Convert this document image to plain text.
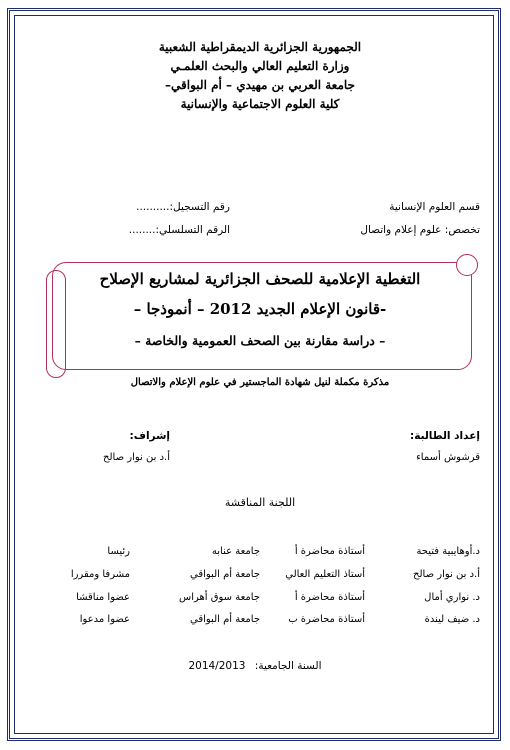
الجمهورية الجزائرية الديمقراطية الشعبية
وزارة التعليم العالي والبحث العلمـي
جامعة العربي بن مهيدي – أم البواقي–
كلية العلوم الاجتماعية والإنسانية
قسم العلوم الإنسانية
تخصص: علوم إعلام واتصال
رقم التسجيل:..........
الرقم التسلسلي:........
التغطية الإعلامية للصحف الجزائرية لمشاريع الإصلاح
-قانون الإعلام الجديد 2012 – أنموذجا –
– دراسة مقارنة بين الصحف العمومية والخاصة –
مذكرة مكملة لنيل شهادة الماجستير في علوم الإعلام والاتصال
إعداد الطالبة:
قرشوش أسماء
إشراف:
أ.د بن نوار صالح
اللجنة المناقشة
د.أوهايبية فتيحة
أستاذة محاضرة أ
جامعة عنابه
رئيسا
أ.د بن نوار صالح
أستاذ التعليم العالي
جامعة أم البواقي
مشرفا ومقررا
د. نواري أمال
أستاذة محاضرة أ
جامعة سوق أهراس
عضوا مناقشا
د. ضيف ليندة
أستاذة محاضرة ب
جامعة أم البواقي
عضوا مدعوا
السنة الجامعية: 2014/2013
